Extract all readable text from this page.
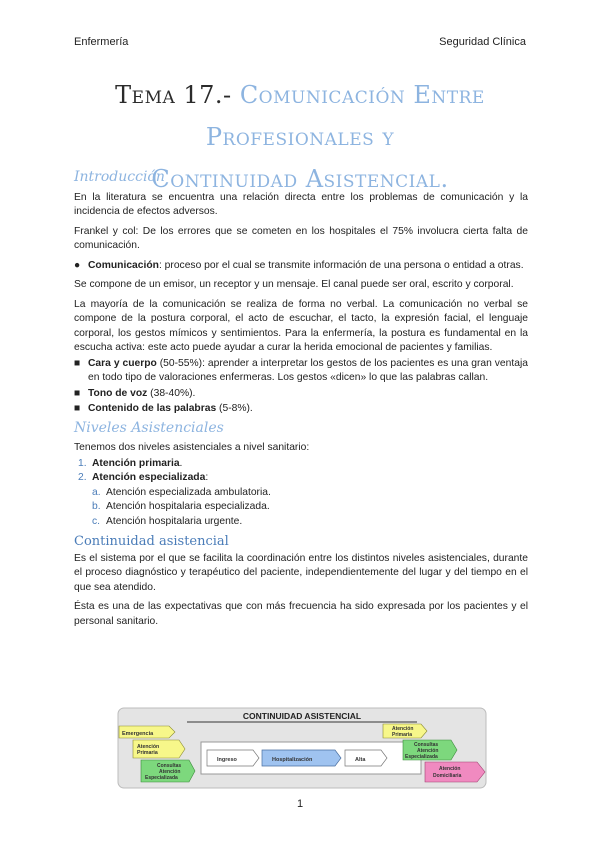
Enfermería	Seguridad Clínica
Tema 17.- Comunicación Entre Profesionales y
Continuidad Asistencial.
Introducción

En la literatura se encuentra una relación directa entre los problemas de comunicación y la incidencia de efectos adversos.

Frankel y col: De los errores que se cometen en los hospitales el 75% involucra cierta falta de comunicación.

● Comunicación: proceso por el cual se transmite información de una persona o entidad a otras.

Se compone de un emisor, un receptor y un mensaje. El canal puede ser oral, escrito y corporal.

La mayoría de la comunicación se realiza de forma no verbal. La comunicación no verbal se compone de la postura corporal, el acto de escuchar, el tacto, la expresión facial, el lenguaje corporal, los gestos mímicos y sentimientos. Para la enfermería, la postura es fundamental en la escucha activa: este acto puede ayudar a curar la herida emocional de pacientes y familias.

■ Cara y cuerpo (50-55%): aprender a interpretar los gestos de los pacientes es una gran ventaja en todo tipo de valoraciones enfermeras. Los gestos «dicen» lo que las palabras callan.
■ Tono de voz (38-40%).
■ Contenido de las palabras (5-8%).
Niveles Asistenciales

Tenemos dos niveles asistenciales a nivel sanitario:

1. Atención primaria.
2. Atención especializada:
a. Atención especializada ambulatoria.
b. Atención hospitalaria especializada.
c. Atención hospitalaria urgente.
Continuidad asistencial

Es el sistema por el que se facilita la coordinación entre los distintos niveles asistenciales, durante el proceso diagnóstico y terapéutico del paciente, independientemente del lugar y del tiempo en el que sea atendido.

Ésta es una de las expectativas que con más frecuencia ha sido expresada por los pacientes y el personal sanitario.

CONTINUIDAD ASISTENCIAL
Emergencia
Atención
Primaria
Consultas
Atención
Especializada
Ingreso	Hospitalización	Alta
Atención
Primaria
Consultas
Atención
Especializada
Atención
Domiciliaria
1
